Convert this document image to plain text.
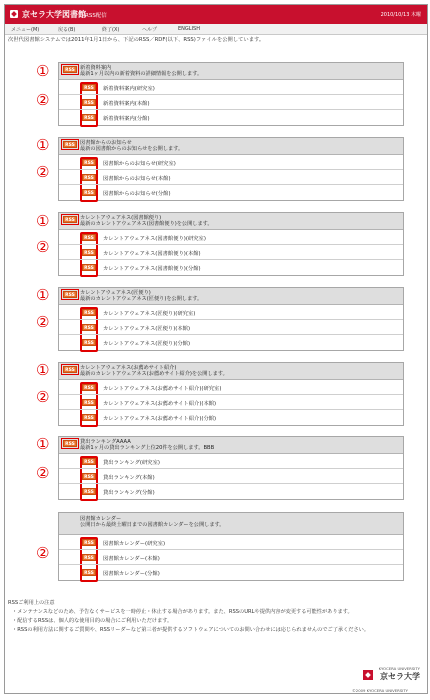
京セラ大学図書館 RSS配信	2010/10/13 木曜
メニュー(M)	戻る(B)	終了(X)	ヘルプ	ENGLISH
次世代図書館システムでは2011年1月1日から、下記のRSS／RDF(以下、RSS)ファイルを公開しています。
①
②
RSS 新着資料案内
最新1ヶ月以内の新着資料の詳細情報を公開します。
RSS	新着資料案内(研究室)
RSS	新着資料案内(本館)
RSS	新着資料案内(分館)
①
②
RSS 図書館からのお知らせ
最新の図書館からのお知らせを公開します。
RSS	図書館からのお知らせ(研究室)
RSS	図書館からのお知らせ(本館)
RSS	図書館からのお知らせ(分館)
①
②
RSS カレントアウェアネス(図書館便り)
最新のカレントアウェアネス(図書館便り)を公開します。
RSS	カレントアウェアネス(図書館便り)(研究室)
RSS	カレントアウェアネス(図書館便り)(本館)
RSS	カレントアウェアネス(図書館便り)(分館)
①
②
RSS カレントアウェアネス(匠便り)
最新のカレントアウェアネス(匠便り)を公開します。
RSS	カレントアウェアネス(匠便り)(研究室)
RSS	カレントアウェアネス(匠便り)(本館)
RSS	カレントアウェアネス(匠便り)(分館)
①
②
RSS カレントアウェアネス(お薦めサイト紹介)
最新のカレントアウェアネス(お薦めサイト紹介)を公開します。
RSS	カレントアウェアネス(お薦めサイト紹介)(研究室)
RSS	カレントアウェアネス(お薦めサイト紹介)(本館)
RSS	カレントアウェアネス(お薦めサイト紹介)(分館)
①
②
RSS 貸出ランキングAAAA
最新1ヶ月の貸出ランキング上位20件を公開します。BBB
RSS	貸出ランキング(研究室)
RSS	貸出ランキング(本館)
RSS	貸出ランキング(分館)
②
図書館カレンダー
公開日から最終土曜日までの図書館カレンダーを公開します。
RSS	図書館カレンダー(研究室)
RSS	図書館カレンダー(本館)
RSS	図書館カレンダー(分館)
RSSご利用上の注意
・メンテナンスなどのため、予告なくサービスを一時停止・休止する場合があります。また、RSSのURLや提供内容が変更する可能性があります。
・配信するRSSは、個人的な使用目的の場合にご利用いただけます。
・RSSの利用方法に関するご質問や、RSSリーダーなど第三者が提供するソフトウェアについてのお問い合わせには応じられませんのでご了承ください。
KYOCERA UNIVERSITY
京セラ大学
©2009 KYOCERA UNIVERSITY
